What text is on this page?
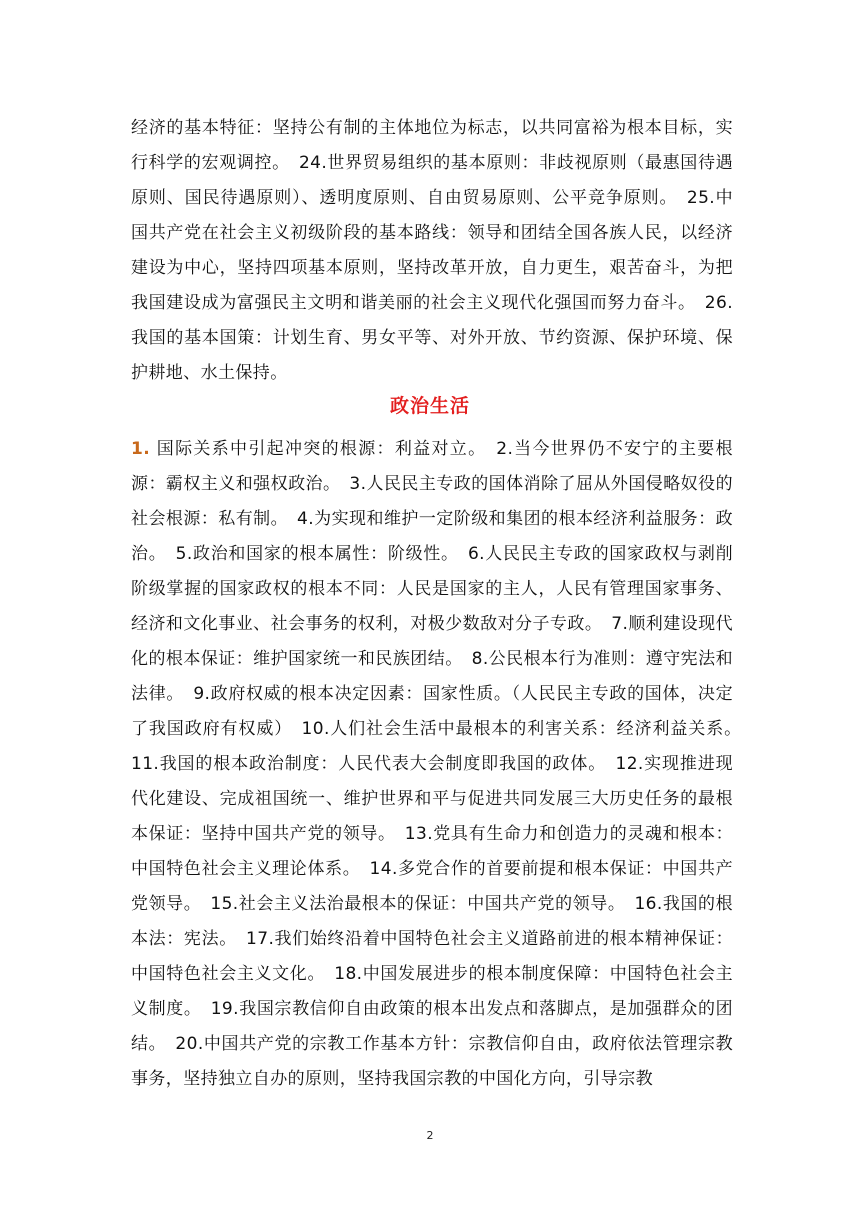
经济的基本特征：坚持公有制的主体地位为标志，以共同富裕为根本目标，实行科学的宏观调控。　24.世界贸易组织的基本原则：非歧视原则（最惠国待遇原则、国民待遇原则）、透明度原则、自由贸易原则、公平竞争原则。　25.中国共产党在社会主义初级阶段的基本路线：领导和团结全国各族人民，以经济建设为中心，坚持四项基本原则，坚持改革开放，自力更生，艰苦奋斗，为把我国建设成为富强民主文明和谐美丽的社会主义现代化强国而努力奋斗。　26.我国的基本国策：计划生育、男女平等、对外开放、节约资源、保护环境、保护耕地、水土保持。

政治生活

1. 国际关系中引起冲突的根源：利益对立。　2.当今世界仍不安宁的主要根源：霸权主义和强权政治。　3.人民民主专政的国体消除了屈从外国侵略奴役的社会根源：私有制。　4.为实现和维护一定阶级和集团的根本经济利益服务：政治。　5.政治和国家的根本属性：阶级性。　6.人民民主专政的国家政权与剥削阶级掌握的国家政权的根本不同：人民是国家的主人，人民有管理国家事务、经济和文化事业、社会事务的权利，对极少数敌对分子专政。　7.顺利建设现代化的根本保证：维护国家统一和民族团结。　8.公民根本行为准则：遵守宪法和法律。　9.政府权威的根本决定因素：国家性质。（人民民主专政的国体，决定了我国政府有权威）　10.人们社会生活中最根本的利害关系：经济利益关系。　11.我国的根本政治制度：人民代表大会制度即我国的政体。　12.实现推进现代化建设、完成祖国统一、维护世界和平与促进共同发展三大历史任务的最根本保证：坚持中国共产党的领导。　13.党具有生命力和创造力的灵魂和根本：中国特色社会主义理论体系。　14.多党合作的首要前提和根本保证：中国共产党领导。　15.社会主义法治最根本的保证：中国共产党的领导。　16.我国的根本法：宪法。　17.我们始终沿着中国特色社会主义道路前进的根本精神保证：中国特色社会主义文化。　18.中国发展进步的根本制度保障：中国特色社会主义制度。　19.我国宗教信仰自由政策的根本出发点和落脚点，是加强群众的团结。　20.中国共产党的宗教工作基本方针：宗教信仰自由，政府依法管理宗教事务，坚持独立自办的原则，坚持我国宗教的中国化方向，引导宗教

2
